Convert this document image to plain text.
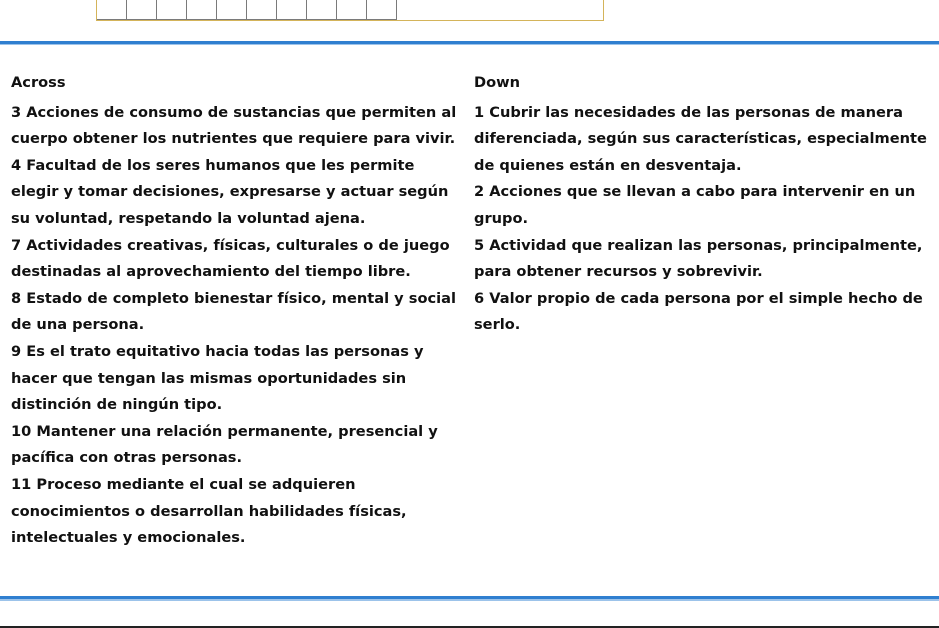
Across

3 Acciones de consumo de sustancias que permiten al cuerpo obtener los nutrientes que requiere para vivir.

4 Facultad de los seres humanos que les permite elegir y tomar decisiones, expresarse y actuar según su voluntad, respetando la voluntad ajena.

7 Actividades creativas, físicas, culturales o de juego destinadas al aprovechamiento del tiempo libre.

8 Estado de completo bienestar físico, mental y social de una persona.

9 Es el trato equitativo hacia todas las personas y hacer que tengan las mismas oportunidades sin distinción de ningún tipo.

10 Mantener una relación permanente, presencial y pacífica con otras personas.

11 Proceso mediante el cual se adquieren conocimientos o desarrollan habilidades físicas, intelectuales y emocionales.

Down

1 Cubrir las necesidades de las personas de manera diferenciada, según sus características, especialmente de quienes están en desventaja.

2 Acciones que se llevan a cabo para intervenir en un grupo.

5 Actividad que realizan las personas, principalmente, para obtener recursos y sobrevivir.

6 Valor propio de cada persona por el simple hecho de serlo.
